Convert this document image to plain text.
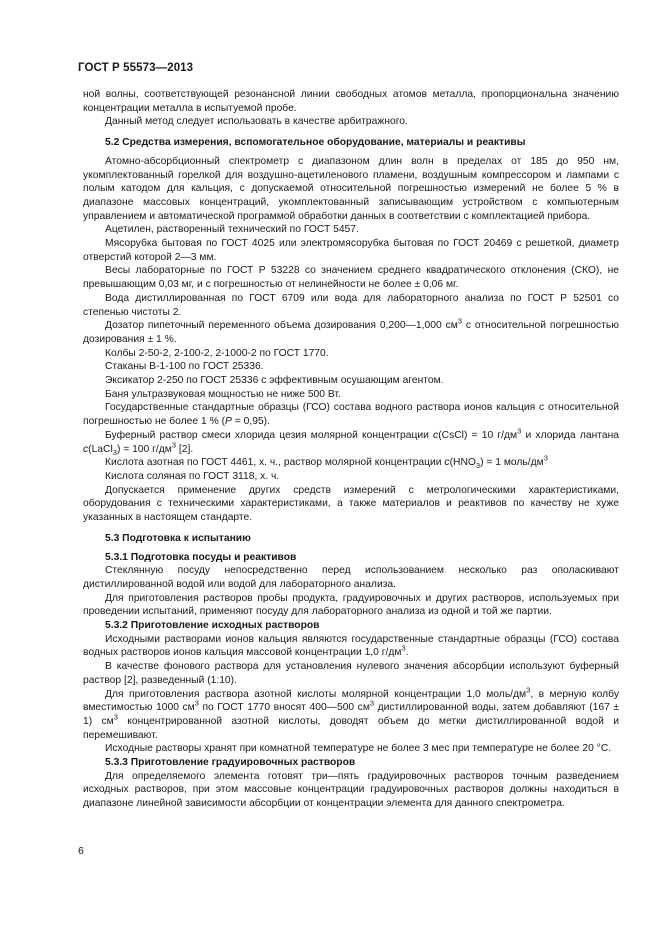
ГОСТ Р 55573—2013

ной волны, соответствующей резонансной линии свободных атомов металла, пропорциональна значению концентрации металла в испытуемой пробе.

Данный метод следует использовать в качестве арбитражного.

5.2 Средства измерения, вспомогательное оборудование, материалы и реактивы

Атомно-абсорбционный спектрометр с диапазоном длин волн в пределах от 185 до 950 нм, укомплектованный горелкой для воздушно-ацетиленового пламени, воздушным компрессором и лампами с полым катодом для кальция, с допускаемой относительной погрешностью измерений не более 5 % в диапазоне массовых концентраций, укомплектованный записывающим устройством с компьютерным управлением и автоматической программой обработки данных в соответствии с комплектацией прибора.

Ацетилен, растворенный технический по ГОСТ 5457.

Мясорубка бытовая по ГОСТ 4025 или электромясорубка бытовая по ГОСТ 20469 с решеткой, диаметр отверстий которой 2—3 мм.

Весы лабораторные по ГОСТ Р 53228 со значением среднего квадратического отклонения (СКО), не превышающим 0,03 мг, и с погрешностью от нелинейности не более ± 0,06 мг.

Вода дистиллированная по ГОСТ 6709 или вода для лабораторного анализа по ГОСТ Р 52501 со степенью чистоты 2.

Дозатор пипеточный переменного объема дозирования 0,200—1,000 $см^3$ с относительной погрешностью дозирования ± 1 %.

Колбы 2-50-2, 2-100-2, 2-1000-2 по ГОСТ 1770.

Стаканы В-1-100 по ГОСТ 25336.

Эксикатор 2-250 по ГОСТ 25336 с эффективным осушающим агентом.

Баня ультразвуковая мощностью не ниже 500 Вт.

Государственные стандартные образцы (ГСО) состава водного раствора ионов кальция с относительной погрешностью не более 1 % (P = 0,95).

Буферный раствор смеси хлорида цезия молярной концентрации c(CsCl) = 10 $г/дм^3$ и хлорида лантана c(LaCl$_3$) = 100 $г/дм^3$ [2].

Кислота азотная по ГОСТ 4461, х. ч., раствор молярной концентрации $c(HNO_3) = 1$ моль/$дм^3$

Кислота соляная по ГОСТ 3118, х. ч.

Допускается применение других средств измерений с метрологическими характеристиками, оборудования с техническими характеристиками, а также материалов и реактивов по качеству не хуже указанных в настоящем стандарте.

5.3 Подготовка к испытанию

5.3.1 Подготовка посуды и реактивов

Стеклянную посуду непосредственно перед использованием несколько раз ополаскивают дистиллированной водой или водой для лабораторного анализа.

Для приготовления растворов пробы продукта, градуировочных и других растворов, используемых при проведении испытаний, применяют посуду для лабораторного анализа из одной и той же партии.

5.3.2 Приготовление исходных растворов

Исходными растворами ионов кальция являются государственные стандартные образцы (ГСО) состава водных растворов ионов кальция массовой концентрации 1,0 $г/дм^3$.

В качестве фонового раствора для установления нулевого значения абсорбции используют буферный раствор [2], разведенный (1:10).

Для приготовления раствора азотной кислоты молярной концентрации 1,0 моль/$дм^3$, в мерную колбу вместимостью 1000 $см^3$ по ГОСТ 1770 вносят 400—500 $см^3$ дистиллированной воды, затем добавляют (167 ± 1) $см^3$ концентрированной азотной кислоты, доводят объем до метки дистиллированной водой и перемешивают.

Исходные растворы хранят при комнатной температуре не более 3 мес при температуре не более 20 °С.

5.3.3 Приготовление градуировочных растворов

Для определяемого элемента готовят три—пять градуировочных растворов точным разведением исходных растворов, при этом массовые концентрации градуировочных растворов должны находиться в диапазоне линейной зависимости абсорбции от концентрации элемента для данного спектрометра.

6
